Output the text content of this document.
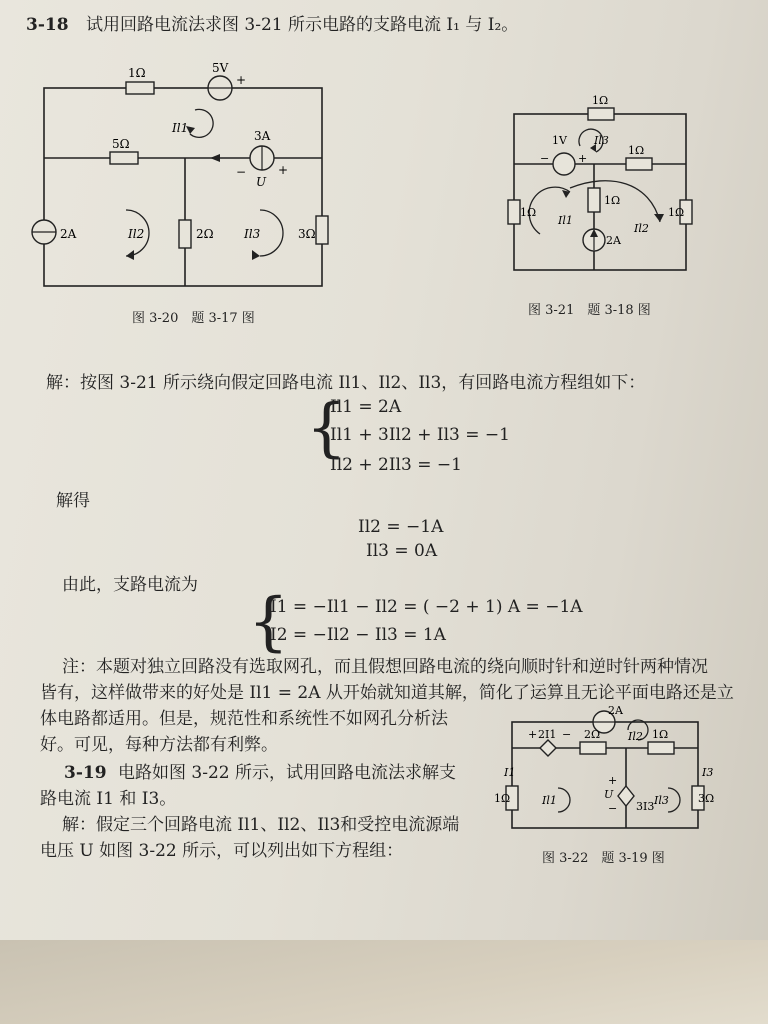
3-18 试用回路电流法求图 3-21 所示电路的支路电流 I₁ 与 I₂。
1Ω	5V
+
Il1
5Ω
3A
−
U
+
2A	Il2	2Ω	Il3	3Ω
图 3-20　题 3-17 图
1Ω
1V
−	+
Il3
1Ω
1Ω
1Ω
Il1
Il2
1Ω
2A
图 3-21　题 3-18 图
解：按图 3-21 所示绕向假定回路电流 Il1、Il2、Il3，有回路电流方程组如下：
{
Il1 = 2A
Il1 + 3Il2 + Il3 = −1
Il2 + 2Il3 = −1
解得
Il2 = −1A
Il3 = 0A
由此，支路电流为 {
I1 = −Il1 − Il2 = ( −2 + 1) A = −1A
I2 = −Il2 − Il3 = 1A
注：本题对独立回路没有选取网孔，而且假想回路电流的绕向顺时针和逆时针两种情况
皆有，这样做带来的好处是 Il1 = 2A 从开始就知道其解，简化了运算且无论平面电路还是立
体电路都适用。但是，规范性和系统性不如网孔分析法
好。可见，每种方法都有利弊。
3-19 电路如图 3-22 所示，试用回路电流法求解支
路电流 I1 和 I3。
解：假定三个回路电流 Il1、Il2、Il3和受控电流源端
电压 U 如图 3-22 所示，可以列出如下方程组：
2A
+ 2I1 − 2Ω	Il2 1Ω
I1
1Ω	Il1
+
U
− 3I3 Il3
I3
3Ω
图 3-22　题 3-19 图
